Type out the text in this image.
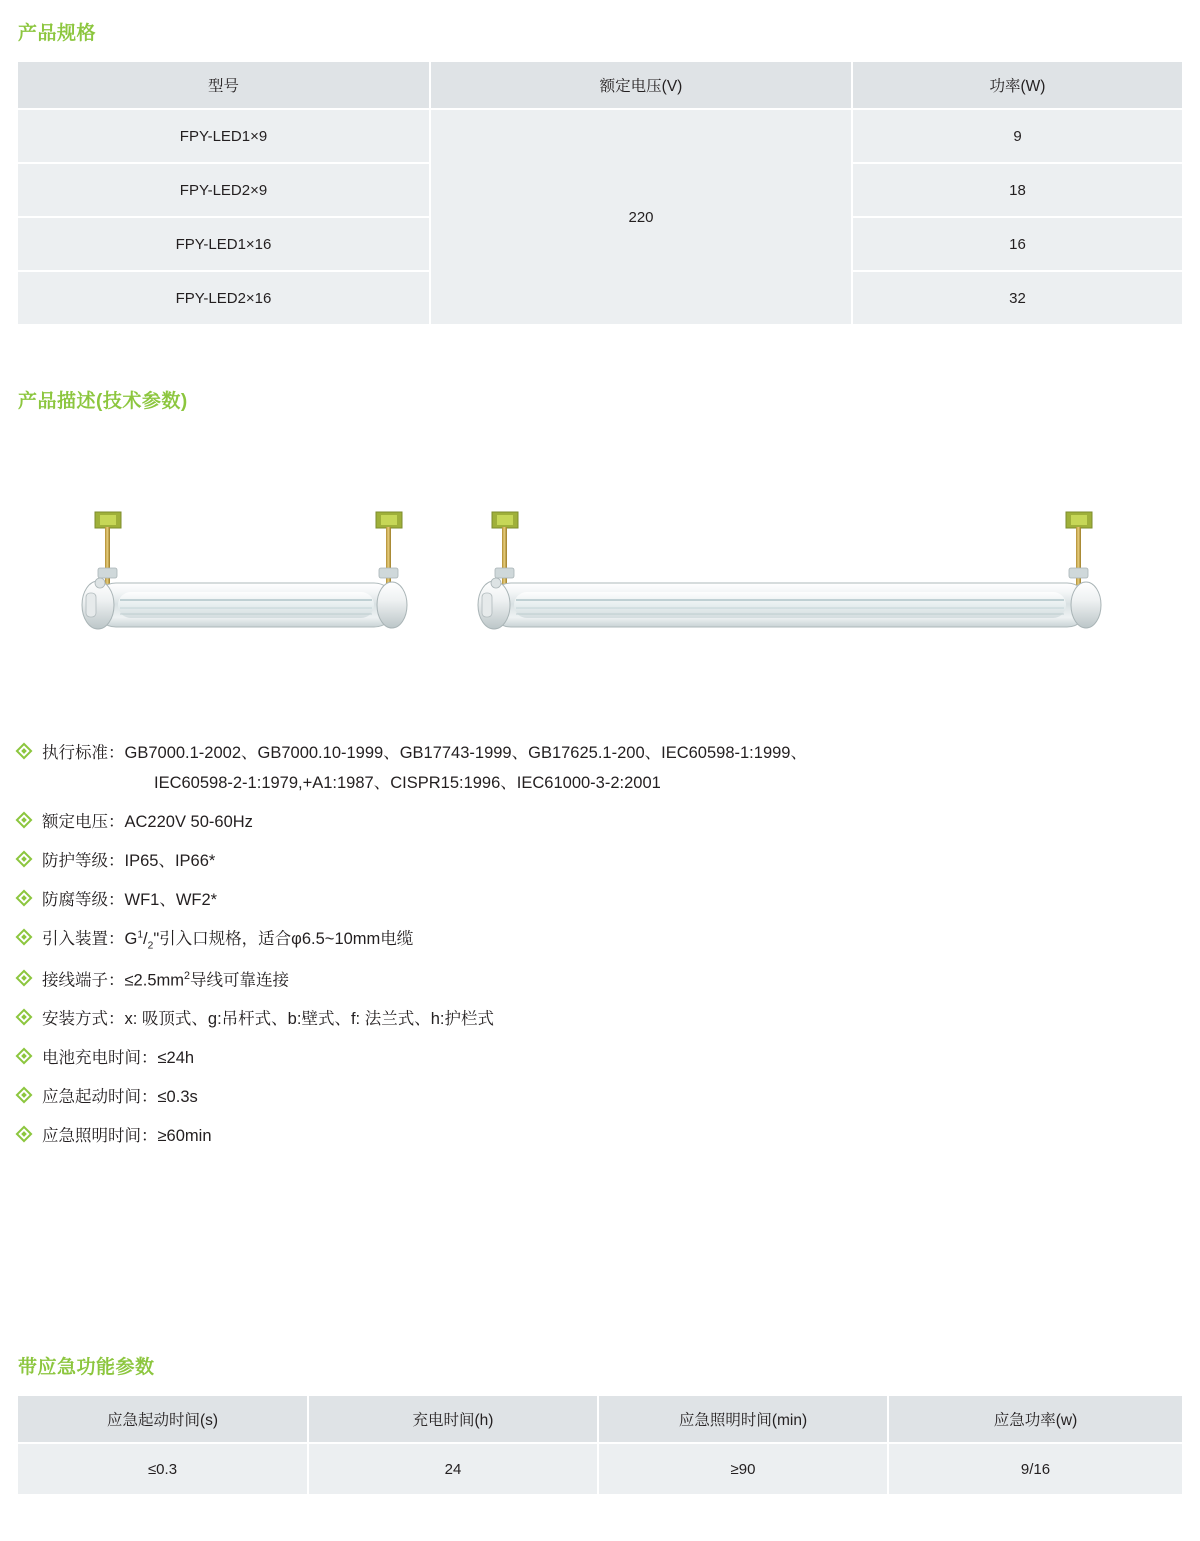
产品规格
型号	额定电压(V)	功率(W)
FPY-LED1×9	220	9
FPY-LED2×9		18
FPY-LED1×16		16
FPY-LED2×16		32
产品描述(技术参数)
执行标准：GB7000.1-2002、GB7000.10-1999、GB17743-1999、GB17625.1-200、IEC60598-1:1999、
IEC60598-2-1:1979,+A1:1987、CISPR15:1996、IEC61000-3-2:2001
额定电压：AC220V 50-60Hz
防护等级：IP65、IP66*
防腐等级：WF1、WF2*
引入装置：$G^1/_2$"引入口规格，适合φ6.5~10mm电缆
接线端子：$\le 2.5mm^2$导线可靠连接
安装方式：x: 吸顶式、g:吊杆式、b:壁式、f: 法兰式、h:护栏式
电池充电时间：≤24h
应急起动时间：≤0.3s
应急照明时间：≥60min
带应急功能参数
应急起动时间(s)	充电时间(h)	应急照明时间(min)	应急功率(w)
≤0.3	24	≥90	9/16
